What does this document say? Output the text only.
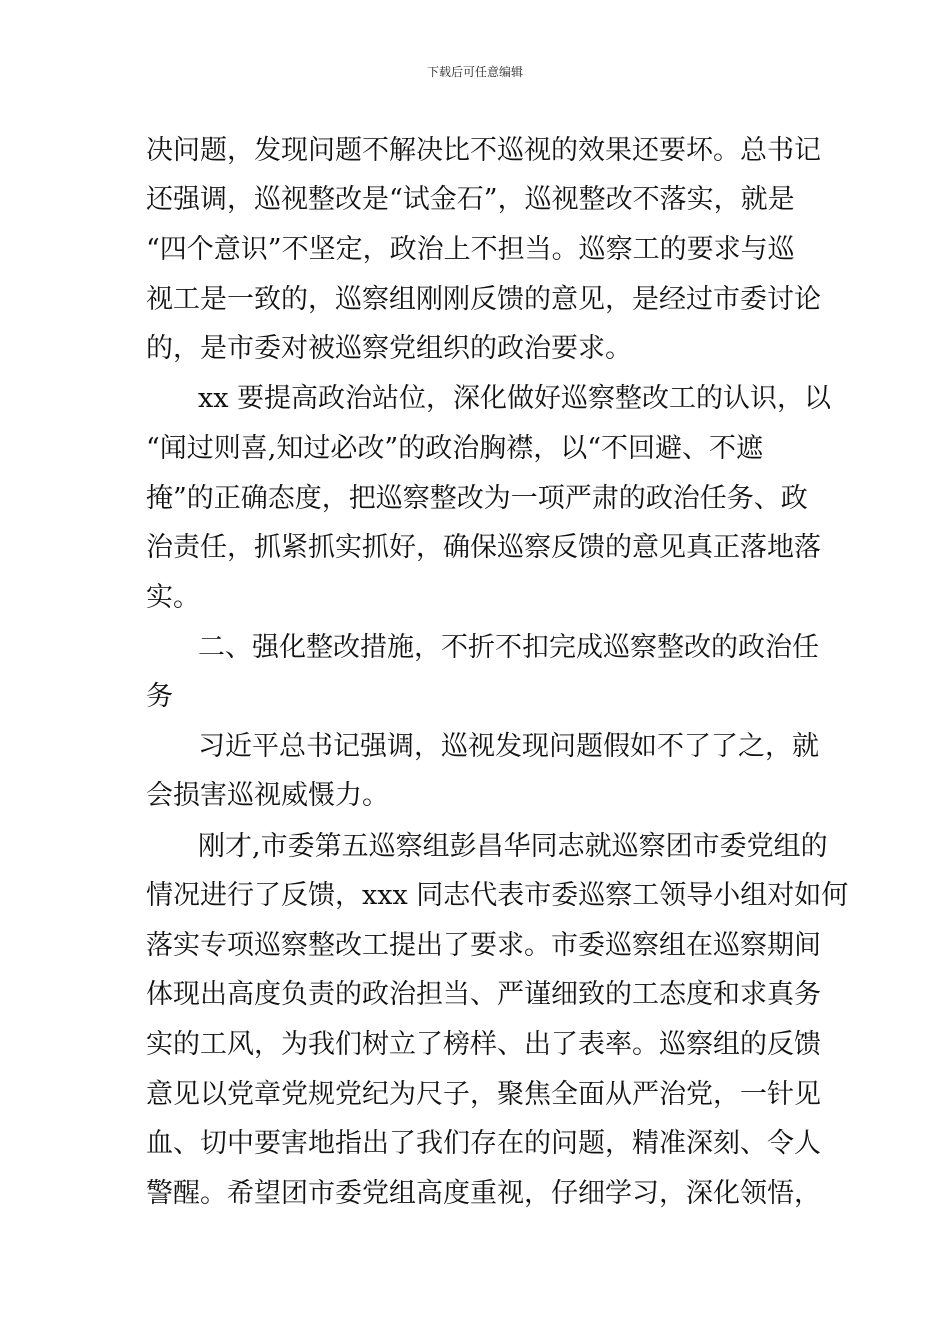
下载后可任意编辑
决问题，发现问题不解决比不巡视的效果还要坏。总书记
还强调，巡视整改是“试金石”，巡视整改不落实，就是
“四个意识”不坚定，政治上不担当。巡察工的要求与巡
视工是一致的，巡察组刚刚反馈的意见，是经过市委讨论
的，是市委对被巡察党组织的政治要求。
xx 要提高政治站位，深化做好巡察整改工的认识，以
“闻过则喜,知过必改”的政治胸襟，以“不回避、不遮
掩”的正确态度，把巡察整改为一项严肃的政治任务、政
治责任，抓紧抓实抓好，确保巡察反馈的意见真正落地落
实。
二、强化整改措施，不折不扣完成巡察整改的政治任
务
习近平总书记强调，巡视发现问题假如不了了之，就
会损害巡视威慑力。
刚才,市委第五巡察组彭昌华同志就巡察团市委党组的
情况进行了反馈，xxx 同志代表市委巡察工领导小组对如何
落实专项巡察整改工提出了要求。市委巡察组在巡察期间
体现出高度负责的政治担当、严谨细致的工态度和求真务
实的工风，为我们树立了榜样、出了表率。巡察组的反馈
意见以党章党规党纪为尺子，聚焦全面从严治党，一针见
血、切中要害地指出了我们存在的问题，精准深刻、令人
警醒。希望团市委党组高度重视，仔细学习，深化领悟，
